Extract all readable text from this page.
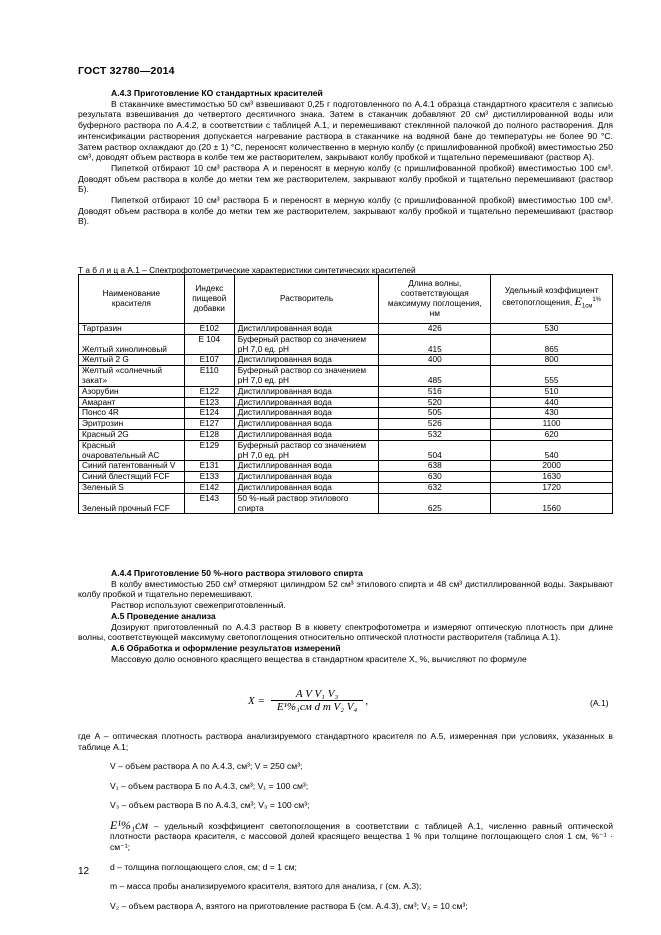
ГОСТ 32780—2014

А.4.3 Приготовление КО стандартных красителей

В стаканчике вместимостью 50 см³ взвешивают 0,25 г подготовленного по А.4.1 образца стандартного красителя с записью результата взвешивания до четвертого десятичного знака. Затем в стаканчик добавляют 20 см³ дистиллированной воды или буферного раствора по А.4.2, в соответствии с таблицей А.1, и перемешивают стеклянной палочкой до полного растворения. Для интенсификации растворения допускается нагревание раствора в стаканчике на водяной бане до температуры не более 90 °С. Затем раствор охлаждают до (20 ± 1) °С, переносят количественно в мерную колбу (с пришлифованной пробкой) вместимостью 250 см³, доводят объем раствора в колбе тем же растворителем, закрывают колбу пробкой и тщательно перемешивают (раствор А).

Пипеткой отбирают 10 см³ раствора А и переносят в мерную колбу (с пришлифованной пробкой) вместимостью 100 см³. Доводят объем раствора в колбе до метки тем же растворителем, закрывают колбу пробкой и тщательно перемешивают (раствор Б).

Пипеткой отбирают 10 см³ раствора Б и переносят в мерную колбу (с пришлифованной пробкой) вместимостью 100 см³. Доводят объем раствора в колбе до метки тем же растворителем, закрывают колбу пробкой и тщательно перемешивают (раствор В).

Т а б л и ц а А.1 – Спектрофотометрические характеристики синтетических красителей
Наименование красителя	Индекс пищевой добавки	Растворитель	Длина волны, соответствующая максимуму поглощения, нм	Удельный коэффициент светопоглощения, $E_{1см}^{1\%}$
Тартразин	E102	Дистиллированная вода	426	530
Желтый хинолиновый	E 104	Буферный раствор со значением pH 7,0 ед. pH	415	865
Желтый 2 G	E107	Дистиллированная вода	400	800
Желтый «солнечный закат»	E110	Буферный раствор со значением pH 7,0 ед. pH	485	555
Азорубин	E122	Дистиллированная вода	516	510
Амарант	E123	Дистиллированная вода	520	440
Понсо 4R	E124	Дистиллированная вода	505	430
Эритрозин	E127	Дистиллированная вода	526	1100
Красный 2G	E128	Дистиллированная вода	532	620
Красный очаровательный АС	E129	Буферный раствор со значением pH 7,0 ед. pH	504	540
Синий патентованный V	E131	Дистиллированная вода	638	2000
Синий блестящий FCF	E133	Дистиллированная вода	630	1630
Зеленый S	E142	Дистиллированная вода	632	1720
Зеленый прочный FCF	E143	50 %-ный раствор этилового спирта	625	1560

А.4.4 Приготовление 50 %-ного раствора этилового спирта

В колбу вместимостью 250 см³ отмеряют цилиндром 52 см³ этилового спирта и 48 см³ дистиллированной воды. Закрывают колбу пробкой и тщательно перемешивают.

Раствор используют свежеприготовленный.

А.5 Проведение анализа

Дозируют приготовленный по А.4.3 раствор В в кювету спектрофотометра и измеряют оптическую плотность при длине волны, соответствующей максимуму светопоглощения относительно оптической плотности растворителя (таблица А.1).

А.6 Обработка и оформление результатов измерений

Массовую долю основного красящего вещества в стандартном красителе X, %, вычисляют по формуле

X =
A V V₁ V₃
E¹%₁см d m V₂ V₄
,	(А.1)

где A – оптическая плотность раствора анализируемого стандартного красителя по А.5, измеренная при условиях, указанных в таблице А.1;

V – объем раствора А по А.4.3, см³; V = 250 см³;

V₁ – объем раствора Б по А.4.3, см³; V₁ = 100 см³;

V₃ – объем раствора В по А.4.3, см³; V₃ = 100 см³;

E¹%₁см – удельный коэффициент светопоглощения в соответствии с таблицей А.1, численно равный оптической плотности раствора красителя, с массовой долей красящего вещества 1 % при толщине поглощающего слоя 1 см, %⁻¹ · см⁻¹;

d – толщина поглощающего слоя, см; d = 1 см;

m – масса пробы анализируемого красителя, взятого для анализа, г (см. А.3);

V₂ – объем раствора А, взятого на приготовление раствора Б (см. А.4.3), см³; V₂ = 10 см³;

12
